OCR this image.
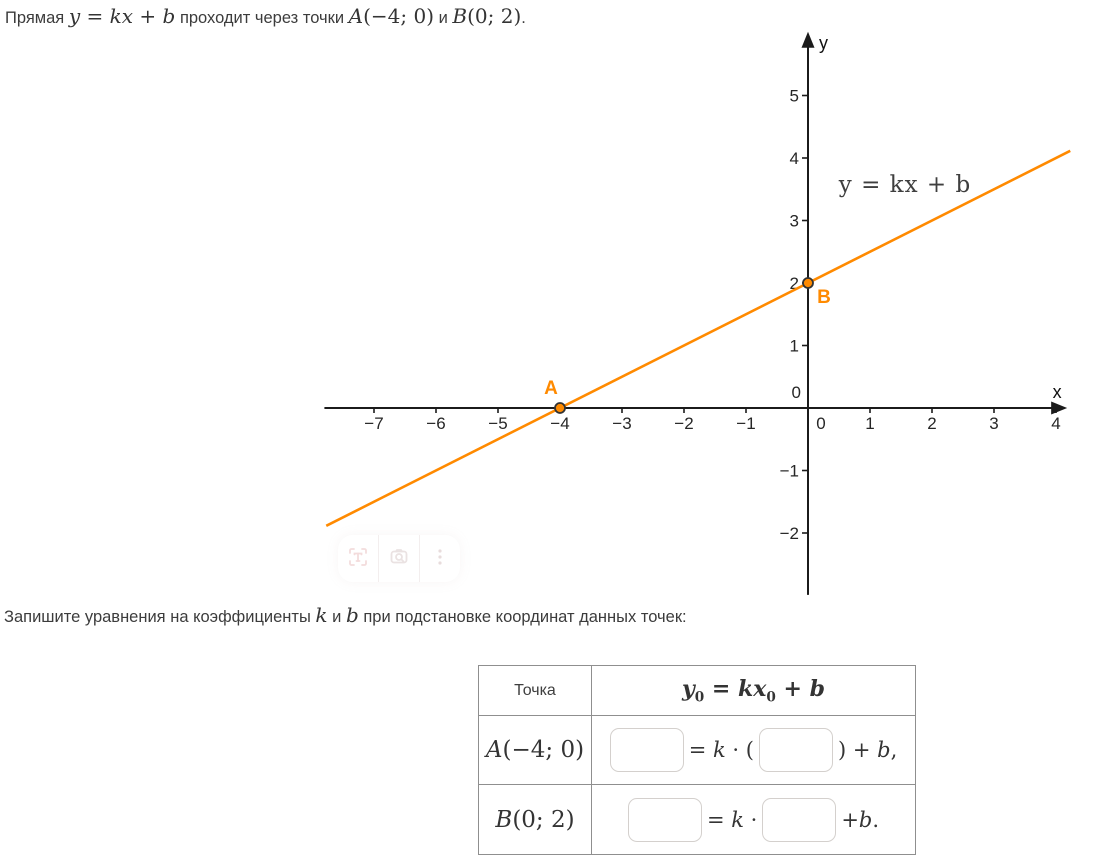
Прямая y = kx + b проходит через точки A(−4; 0) и B(0; 2).

x
y
−7	−6	−5	−4	−3	−2	−1	0 1	2	3	4
−2
−1
0
1
2
3
4
5
y = kx + b
A
B

Запишите уравнения на коэффициенты k и b при подстановке координат данных точек:

Точка	$y_0 = kx_0 + b$
A(−4; 0)	= k · ( ) + b,

B(0; 2)	= k · +b.
